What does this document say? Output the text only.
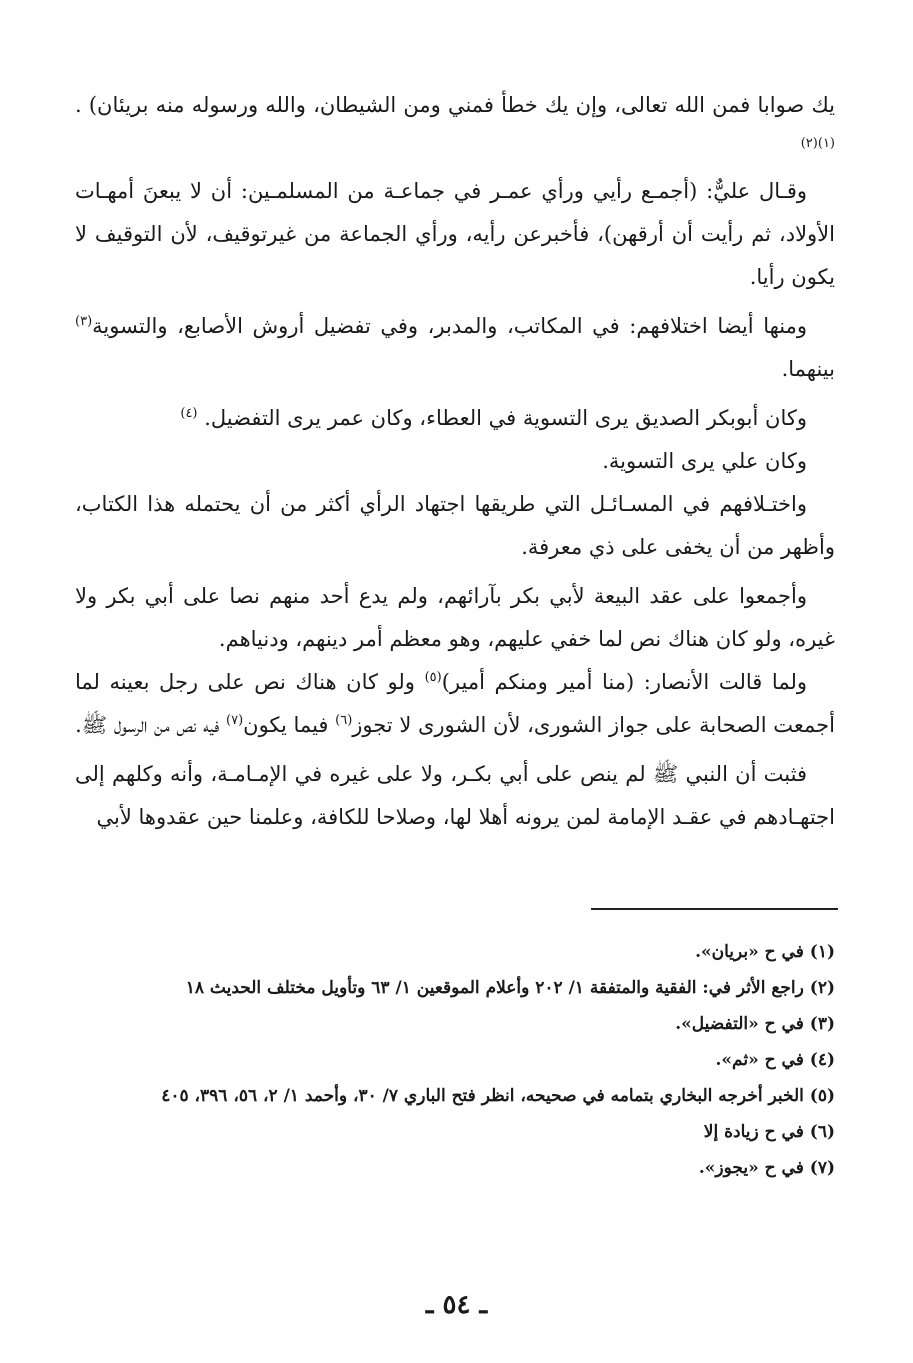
يك صوابا فمن الله تعالى، وإن يك خطأ فمني ومن الشيطان، والله ورسوله منه بريئان) . $^{(١)(٢)}$

وقـال عليٌّ: (أجمـع رأيي ورأي عمـر في جماعـة من المسلمـين: أن لا يبعنَ أمهـات الأولاد، ثم رأيت أن أرقهن)، فأخبرعن رأيه، ورأي الجماعة من غيرتوقيف، لأن التوقيف لا يكون رأيا.

ومنها أيضا اختلافهم: في المكاتب، والمدبر، وفي تفضيل أروش الأصابع، والتسوية$^{(٣)}$ بينهما.

وكان أبوبكر الصديق يرى التسوية في العطاء، وكان عمر يرى التفضيل. $^{(٤)}$

وكان علي يرى التسوية.

واختـلافهم في المسـائـل التي طريقها اجتهاد الرأي أكثر من أن يحتمله هذا الكتاب، وأظهر من أن يخفى على ذي معرفة.

وأجمعوا على عقد البيعة لأبي بكر بآرائهم، ولم يدع أحد منهم نصا على أبي بكر ولا غيره، ولو كان هناك نص لما خفي عليهم، وهو معظم أمر دينهم، ودنياهم.

ولما قالت الأنصار: (منا أمير ومنكم أمير)$^{(٥)}$ ولو كان هناك نص على رجل بعينه لما أجمعت الصحابة على جواز الشورى، لأن الشورى لا تجوز$^{(٦)}$ فيما يكون$^{(٧)}$ فيه نص من الرسول ﷺ.

فثبت أن النبي ﷺ لم ينص على أبي بكـر، ولا على غيره في الإمـامـة، وأنه وكلهم إلى اجتهـادهم في عقـد الإمامة لمن يرونه أهلا لها، وصلاحا للكافة، وعلمنا حين عقدوها لأبي

(١) في ح «بريان».
(٢) راجع الأثر في: الفقية والمتفقة ١/ ٢٠٢ وأعلام الموقعين ١/ ٦٣ وتأويل مختلف الحديث ١٨
(٣) في ح «التفضيل».
(٤) في ح «ثم».
(٥) الخبر أخرجه البخاري بتمامه في صحيحه، انظر فتح الباري ٧/ ٣٠، وأحمد ١/ ٢، ٥٦، ٣٩٦، ٤٠٥
(٦) في ح زيادة إلا
(٧) في ح «يجوز».
ـ ٥٤ ـ
